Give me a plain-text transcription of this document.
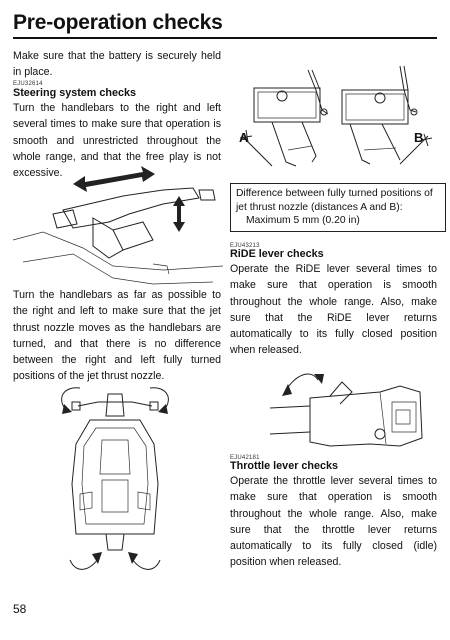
Pre-operation checks
Make sure that the battery is securely held in place.
EJU32614
Steering system checks
Turn the handlebars to the right and left several times to make sure that operation is smooth and unrestricted throughout the whole range, and that the free play is not excessive.
A	B
Turn the handlebars as far as possible to the right and left to make sure that the jet thrust nozzle moves as the handlebars are turned, and that there is no difference between the right and left fully turned positions of the jet thrust nozzle.
Difference between fully turned positions of jet thrust nozzle (distances A and B):
Maximum 5 mm (0.20 in)
EJU43213
RiDE lever checks
Operate the RiDE lever several times to make sure that operation is smooth throughout the whole range. Also, make sure that the RiDE lever returns automatically to its fully closed position when released.
EJU42181
Throttle lever checks
Operate the throttle lever several times to make sure that operation is smooth throughout the whole range. Also, make sure that the throttle lever returns automatically to its fully closed (idle) position when released.
58
